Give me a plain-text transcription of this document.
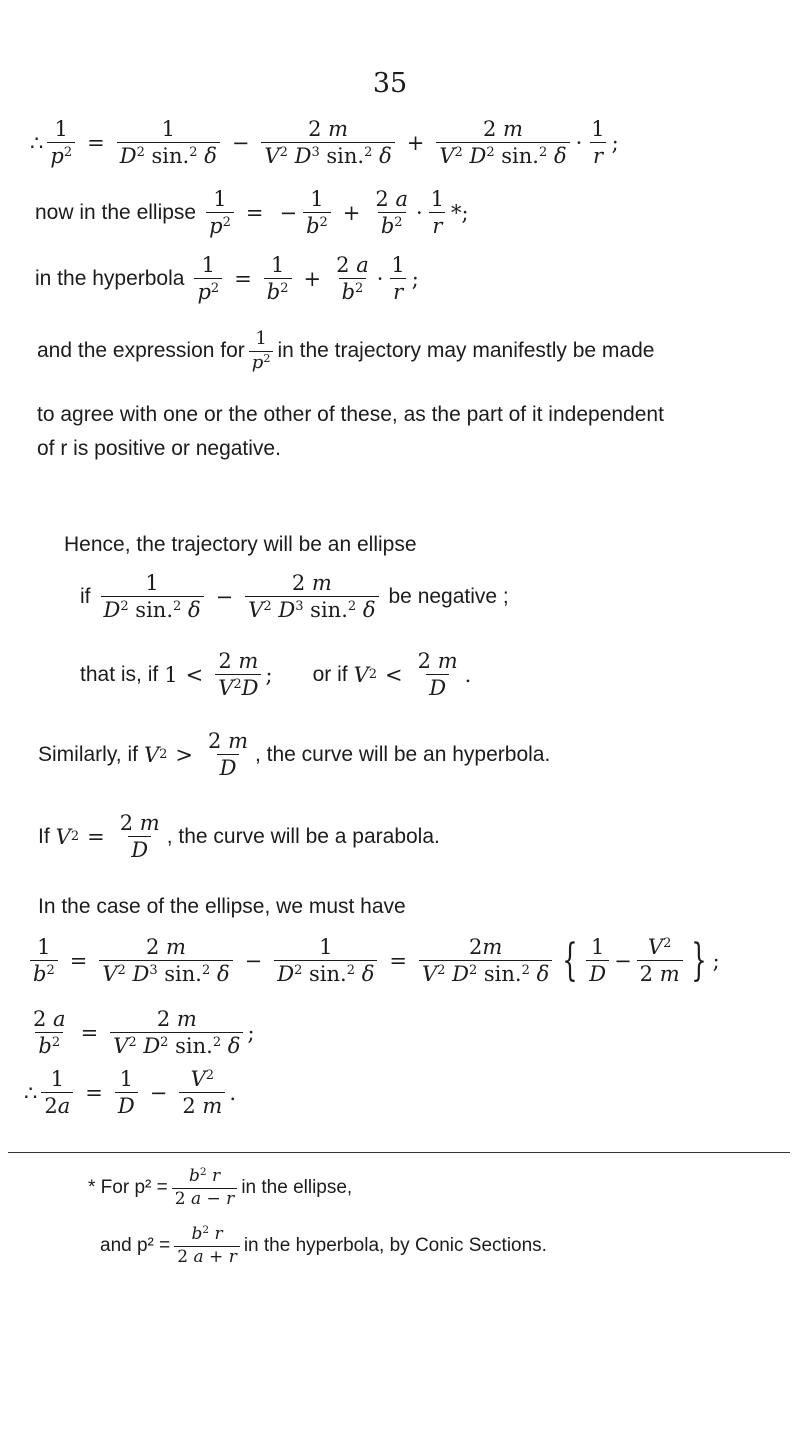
35
∴ $\frac{1}{p^2} = \frac{1}{D^2 \sin.^2 \delta} - \frac{2 m}{V^2 D^3 \sin.^2 \delta} + \frac{2 m}{V^2 D^2 \sin.^2 \delta} \cdot \frac{1}{r}$ ;
now in the ellipse $\frac{1}{p^2}$ = − $\frac{1}{b^2} + \frac{2 a}{b^2} \cdot \frac{1}{r}$ *;
in the hyperbola $\frac{1}{p^2} = \frac{1}{b^2} + \frac{2 a}{b^2} \cdot \frac{1}{r}$ ;
and the expression for $\frac{1}{p^2}$ in the trajectory may manifestly be made
to agree with one or the other of these, as the part of it independent
of r is positive or negative.
Hence, the trajectory will be an ellipse
if $\frac{1}{D^2 \sin.^2 \delta} - \frac{2 m}{V^2 D^3 \sin.^2 \delta}$ be negative ;
that is, if $1 < \frac{2 m}{V^2D}$ ; or if V $2 < \frac{2 m}{D}$ .
Similarly, if V $2 > \frac{2 m}{D}$ , the curve will be an hyperbola.
If V $2 = \frac{2 m}{D}$ , the curve will be a parabola.
In the case of the ellipse, we must have
$\frac{1}{b^2} = \frac{2 m}{V^2 D^3 \sin.^2 \delta} - \frac{1}{D^2 \sin.^2 \delta} = \frac{2m}{V^2 D^2 \sin.^2 \delta}$ { $\frac{1}{D} - \frac{V^2}{2 m}$ } ;
$\frac{2 a}{b^2} = \frac{2 m}{V^2 D^2 \sin.^2 \delta}$ ;
∴ $\frac{1}{2a} = \frac{1}{D} - \frac{V^2}{2 m}$ .
* For $p^2 = \frac{b^2 r}{2 a - r}$ in the ellipse,
and $p^2 = \frac{b^2 r}{2 a + r}$ in the hyperbola, by Conic Sections.
